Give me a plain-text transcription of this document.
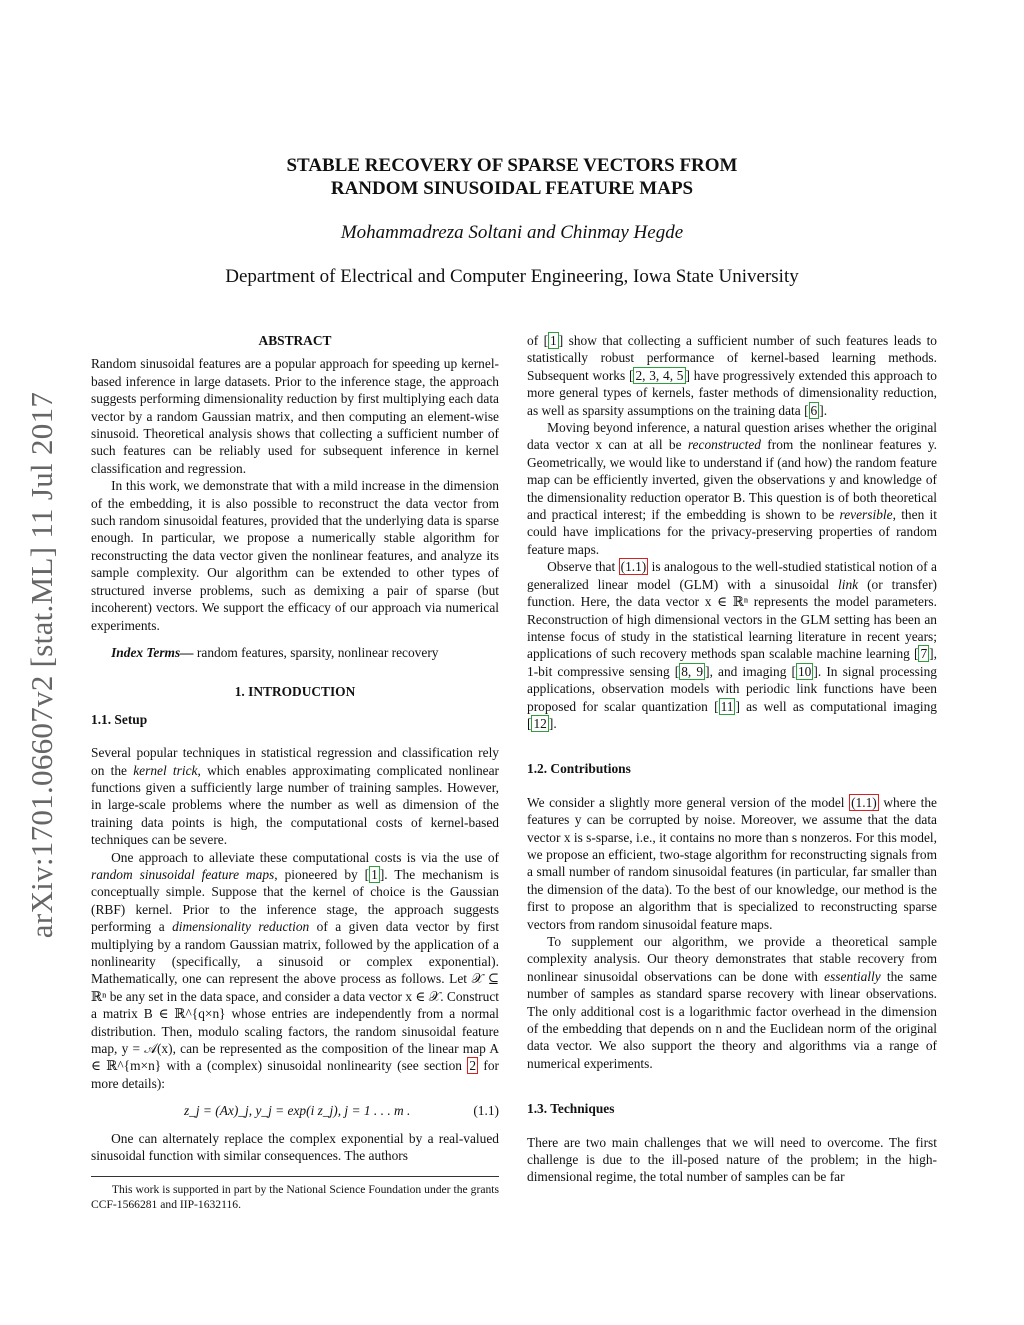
arXiv:1701.06607v2 [stat.ML] 11 Jul 2017
STABLE RECOVERY OF SPARSE VECTORS FROM
RANDOM SINUSOIDAL FEATURE MAPS
Mohammadreza Soltani and Chinmay Hegde
Department of Electrical and Computer Engineering, Iowa State University
ABSTRACT

Random sinusoidal features are a popular approach for speeding up kernel-based inference in large datasets. Prior to the inference stage, the approach suggests performing dimensionality reduction by first multiplying each data vector by a random Gaussian matrix, and then computing an element-wise sinusoid. Theoretical analysis shows that collecting a sufficient number of such features can be reliably used for subsequent inference in kernel classification and regression.

In this work, we demonstrate that with a mild increase in the dimension of the embedding, it is also possible to reconstruct the data vector from such random sinusoidal features, provided that the underlying data is sparse enough. In particular, we propose a numerically stable algorithm for reconstructing the data vector given the nonlinear features, and analyze its sample complexity. Our algorithm can be extended to other types of structured inverse problems, such as demixing a pair of sparse (but incoherent) vectors. We support the efficacy of our approach via numerical experiments.

Index Terms— random features, sparsity, nonlinear recovery

1. INTRODUCTION
1.1. Setup

Several popular techniques in statistical regression and classification rely on the kernel trick, which enables approximating complicated nonlinear functions given a sufficiently large number of training samples. However, in large-scale problems where the number as well as dimension of the training data points is high, the computational costs of kernel-based techniques can be severe.

One approach to alleviate these computational costs is via the use of random sinusoidal feature maps, pioneered by [ 1 ]. The mechanism is conceptually simple. Suppose that the kernel of choice is the Gaussian (RBF) kernel. Prior to the inference stage, the approach suggests performing a dimensionality reduction of a given data vector by first multiplying by a random Gaussian matrix, followed by the application of a nonlinearity (specifically, a sinusoid or complex exponential). Mathematically, one can represent the above process as follows. Let 𝒳 ⊆ ℝⁿ be any set in the data space, and consider a data vector x ∈ 𝒳. Construct a matrix B ∈ ℝ^{q×n} whose entries are independently from a normal distribution. Then, modulo scaling factors, the random sinusoidal feature map, y = 𝒜(x), can be represented as the composition of the linear map A ∈ ℝ^{m×n} with a (complex) sinusoidal nonlinearity (see section 2 for more details):

z_j = (Ax)_j, y_j = exp(i z_j), j = 1 . . . m .	(1.1)

One can alternately replace the complex exponential by a real-valued sinusoidal function with similar consequences. The authors

This work is supported in part by the National Science Foundation under the grants CCF-1566281 and IIP-1632116.

of [ 1 ] show that collecting a sufficient number of such features leads to statistically robust performance of kernel-based learning methods. Subsequent works [ 2, 3, 4, 5 ] have progressively extended this approach to more general types of kernels, faster methods of dimensionality reduction, as well as sparsity assumptions on the training data [ 6 ].

Moving beyond inference, a natural question arises whether the original data vector x can at all be reconstructed from the nonlinear features y. Geometrically, we would like to understand if (and how) the random feature map can be efficiently inverted, given the observations y and knowledge of the dimensionality reduction operator B. This question is of both theoretical and practical interest; if the embedding is shown to be reversible, then it could have implications for the privacy-preserving properties of random feature maps.

Observe that (1.1) is analogous to the well-studied statistical notion of a generalized linear model (GLM) with a sinusoidal link (or transfer) function. Here, the data vector x ∈ ℝⁿ represents the model parameters. Reconstruction of high dimensional vectors in the GLM setting has been an intense focus of study in the statistical learning literature in recent years; applications of such recovery methods span scalable machine learning [ 7 ], 1-bit compressive sensing [ 8, 9 ], and imaging [ 10 ]. In signal processing applications, observation models with periodic link functions have been proposed for scalar quantization [ 11 ] as well as computational imaging [ 12 ].

1.2. Contributions

We consider a slightly more general version of the model (1.1) where the features y can be corrupted by noise. Moreover, we assume that the data vector x is s-sparse, i.e., it contains no more than s nonzeros. For this model, we propose an efficient, two-stage algorithm for reconstructing signals from a small number of random sinusoidal features (in particular, far smaller than the dimension of the data). To the best of our knowledge, our method is the first to propose an algorithm that is specialized to reconstructing sparse vectors from random sinusoidal feature maps.

To supplement our algorithm, we provide a theoretical sample complexity analysis. Our theory demonstrates that stable recovery from nonlinear sinusoidal observations can be done with essentially the same number of samples as standard sparse recovery with linear observations. The only additional cost is a logarithmic factor overhead in the dimension of the embedding that depends on n and the Euclidean norm of the original data vector. We also support the theory and algorithms via a range of numerical experiments.

1.3. Techniques

There are two main challenges that we will need to overcome. The first challenge is due to the ill-posed nature of the problem; in the high-dimensional regime, the total number of samples can be far
